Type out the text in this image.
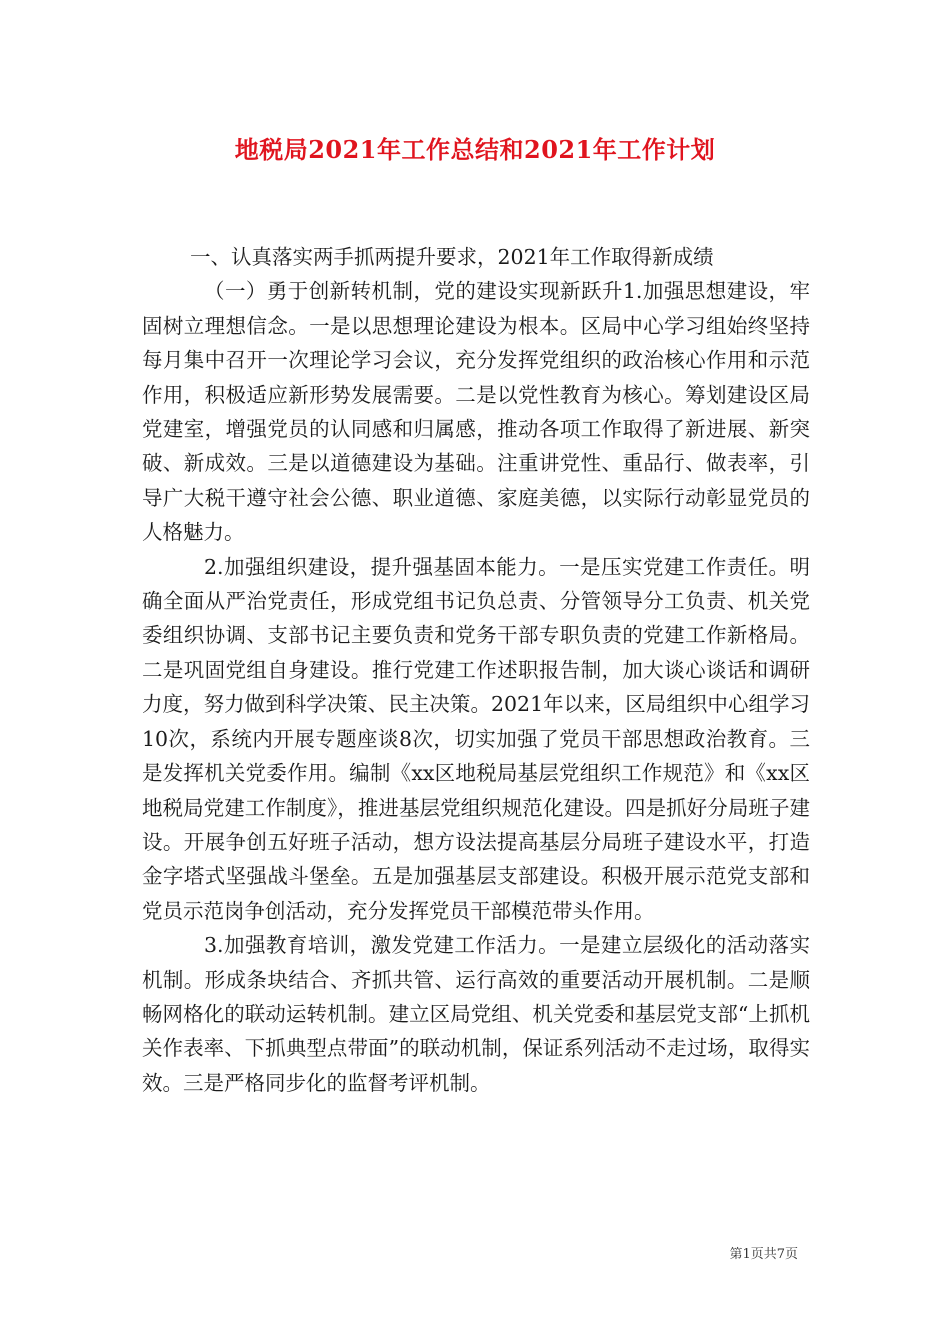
地税局2021年工作总结和2021年工作计划

一、认真落实两手抓两提升要求，2021年工作取得新成绩

（一）勇于创新转机制，党的建设实现新跃升1.加强思想建设，牢固树立理想信念。一是以思想理论建设为根本。区局中心学习组始终坚持每月集中召开一次理论学习会议，充分发挥党组织的政治核心作用和示范作用，积极适应新形势发展需要。二是以党性教育为核心。筹划建设区局党建室，增强党员的认同感和归属感，推动各项工作取得了新进展、新突破、新成效。三是以道德建设为基础。注重讲党性、重品行、做表率，引导广大税干遵守社会公德、职业道德、家庭美德，以实际行动彰显党员的人格魅力。

2.加强组织建设，提升强基固本能力。一是压实党建工作责任。明确全面从严治党责任，形成党组书记负总责、分管领导分工负责、机关党委组织协调、支部书记主要负责和党务干部专职负责的党建工作新格局。二是巩固党组自身建设。推行党建工作述职报告制，加大谈心谈话和调研力度，努力做到科学决策、民主决策。2021年以来，区局组织中心组学习10次，系统内开展专题座谈8次，切实加强了党员干部思想政治教育。三是发挥机关党委作用。编制《xx区地税局基层党组织工作规范》和《xx区地税局党建工作制度》，推进基层党组织规范化建设。四是抓好分局班子建设。开展争创五好班子活动，想方设法提高基层分局班子建设水平，打造金字塔式坚强战斗堡垒。五是加强基层支部建设。积极开展示范党支部和党员示范岗争创活动，充分发挥党员干部模范带头作用。

3.加强教育培训，激发党建工作活力。一是建立层级化的活动落实机制。形成条块结合、齐抓共管、运行高效的重要活动开展机制。二是顺畅网格化的联动运转机制。建立区局党组、机关党委和基层党支部“上抓机关作表率、下抓典型点带面”的联动机制，保证系列活动不走过场，取得实效。三是严格同步化的监督考评机制。

第1页共7页
